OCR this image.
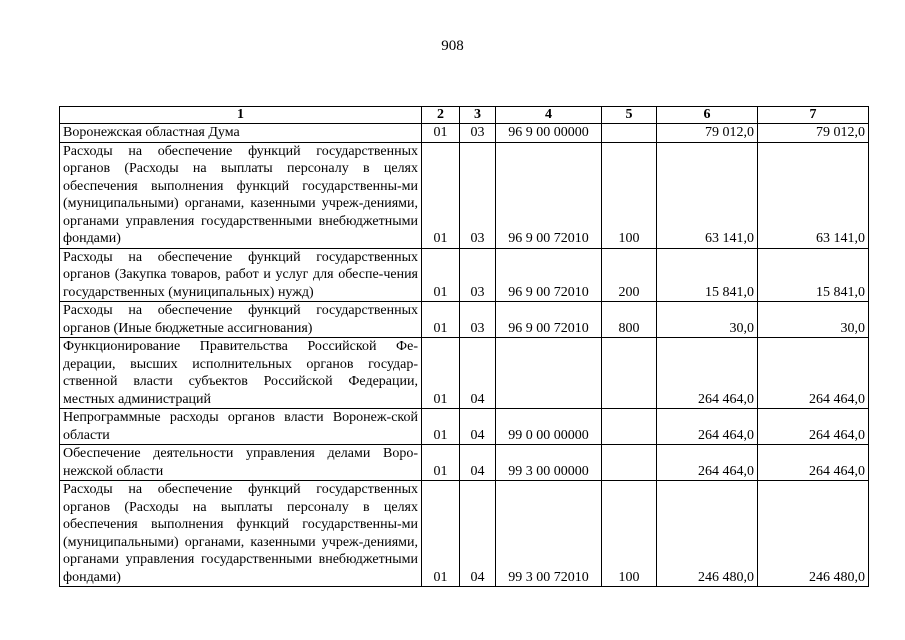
908
1	2	3	4	5	6	7
Воронежская областная Дума	01	03	96 9 00 00000		79 012,0	79 012,0
Расходы на обеспечение функций государственных органов (Расходы на выплаты персоналу в целях обеспечения выполнения функций государственны-ми (муниципальными) органами, казенными учреж-дениями, органами управления государственными внебюджетными фондами)	01	03	96 9 00 72010	100	63 141,0	63 141,0
Расходы на обеспечение функций государственных органов (Закупка товаров, работ и услуг для обеспе-чения государственных (муниципальных) нужд)	01	03	96 9 00 72010	200	15 841,0	15 841,0
Расходы на обеспечение функций государственных органов (Иные бюджетные ассигнования)	01	03	96 9 00 72010	800	30,0	30,0
Функционирование Правительства Российской Фе-дерации, высших исполнительных органов государ-ственной власти субъектов Российской Федерации, местных администраций	01	04			264 464,0	264 464,0
Непрограммные расходы органов власти Воронеж-ской области	01	04	99 0 00 00000		264 464,0	264 464,0
Обеспечение деятельности управления делами Воро-нежской области	01	04	99 3 00 00000		264 464,0	264 464,0
Расходы на обеспечение функций государственных органов (Расходы на выплаты персоналу в целях обеспечения выполнения функций государственны-ми (муниципальными) органами, казенными учреж-дениями, органами управления государственными внебюджетными фондами)	01	04	99 3 00 72010	100	246 480,0	246 480,0
